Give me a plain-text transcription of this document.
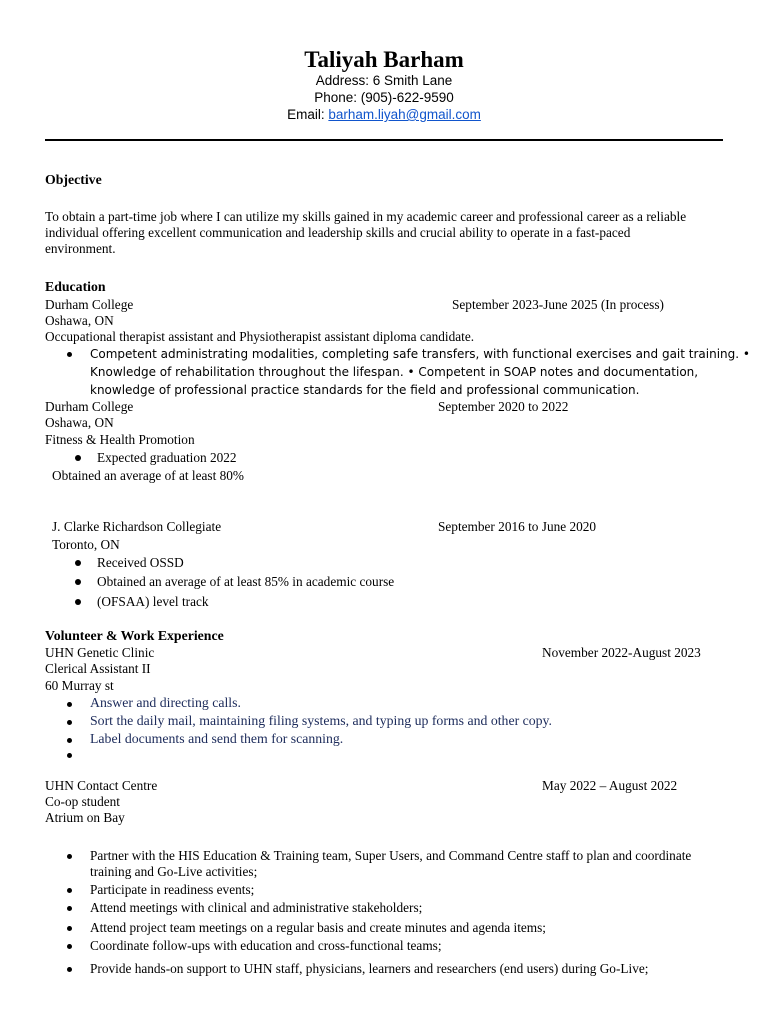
Taliyah Barham
Address: 6 Smith Lane
Phone: (905)-622-9590
Email: barham.liyah@gmail.com
Objective
To obtain a part-time job where I can utilize my skills gained in my academic career and professional career as a reliable
individual offering excellent communication and leadership skills and crucial ability to operate in a fast-paced
environment.
Education
Durham College	September 2023-June 2025 (In process)
Oshawa, ON
Occupational therapist assistant and Physiotherapist assistant diploma candidate.
Competent administrating modalities, completing safe transfers, with functional exercises and gait training. •
Knowledge of rehabilitation throughout the lifespan. • Competent in SOAP notes and documentation,
knowledge of professional practice standards for the field and professional communication.
Durham College	September 2020 to 2022
Oshawa, ON
Fitness & Health Promotion
Expected graduation 2022
Obtained an average of at least 80%
J. Clarke Richardson Collegiate	September 2016 to June 2020
Toronto, ON
Received OSSD
Obtained an average of at least 85% in academic course
(OFSAA) level track
Volunteer & Work Experience
UHN Genetic Clinic	November 2022-August 2023
Clerical Assistant II
60 Murray st
Answer and directing calls.
Sort the daily mail, maintaining filing systems, and typing up forms and other copy.
Label documents and send them for scanning.
UHN Contact Centre	May 2022 – August 2022
Co-op student
Atrium on Bay
Partner with the HIS Education & Training team, Super Users, and Command Centre staff to plan and coordinate
training and Go-Live activities;
Participate in readiness events;
Attend meetings with clinical and administrative stakeholders;
Attend project team meetings on a regular basis and create minutes and agenda items;
Coordinate follow-ups with education and cross-functional teams;
Provide hands-on support to UHN staff, physicians, learners and researchers (end users) during Go-Live;
